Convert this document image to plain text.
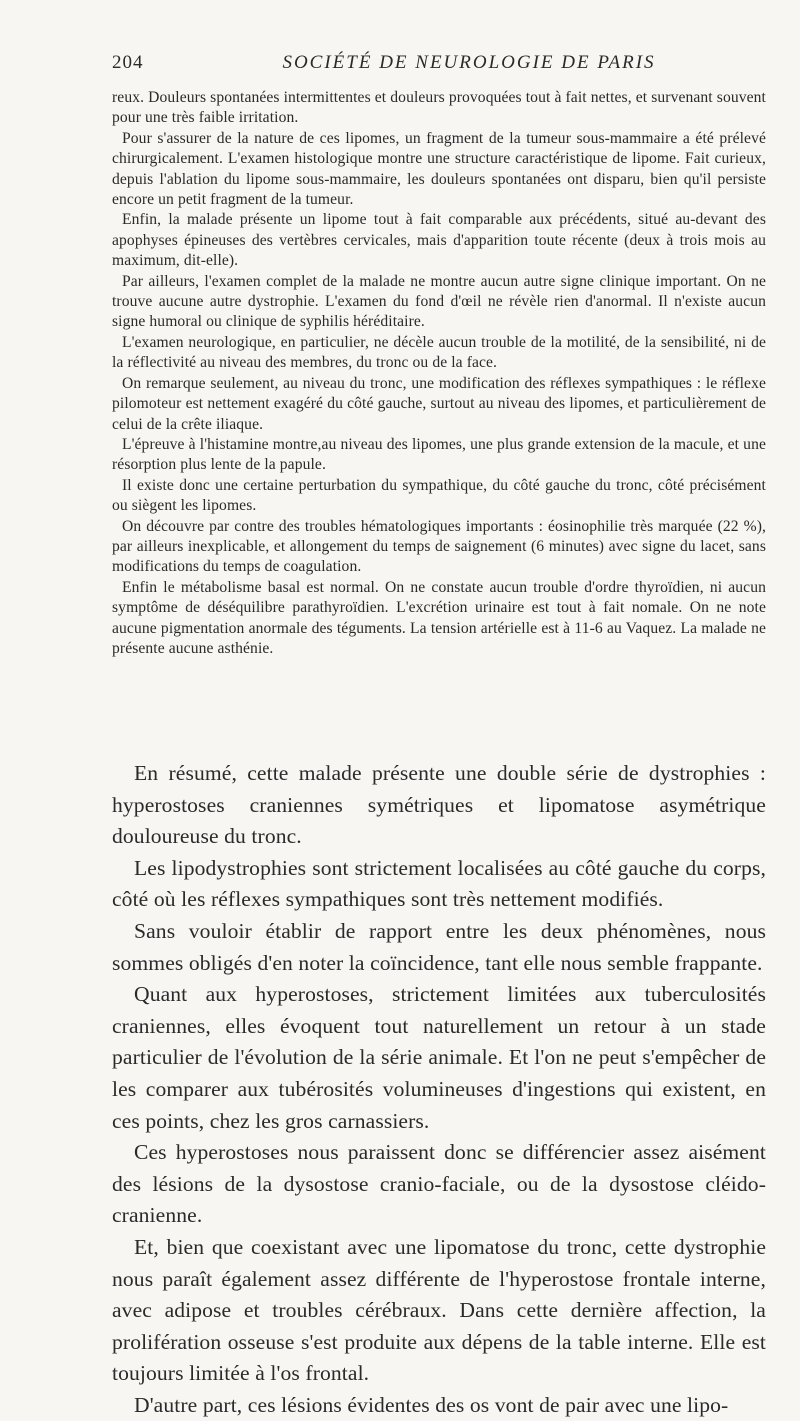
204	SOCIÉTÉ DE NEUROLOGIE DE PARIS

reux. Douleurs spontanées intermittentes et douleurs provoquées tout à fait nettes, et survenant souvent pour une très faible irritation.

Pour s'assurer de la nature de ces lipomes, un fragment de la tumeur sous-mammaire a été prélevé chirurgicalement. L'examen histologique montre une structure caractéristique de lipome. Fait curieux, depuis l'ablation du lipome sous-mammaire, les douleurs spontanées ont disparu, bien qu'il persiste encore un petit fragment de la tumeur.

Enfin, la malade présente un lipome tout à fait comparable aux précédents, situé au-devant des apophyses épineuses des vertèbres cervicales, mais d'apparition toute récente (deux à trois mois au maximum, dit-elle).

Par ailleurs, l'examen complet de la malade ne montre aucun autre signe clinique important. On ne trouve aucune autre dystrophie. L'examen du fond d'œil ne révèle rien d'anormal. Il n'existe aucun signe humoral ou clinique de syphilis héréditaire.

L'examen neurologique, en particulier, ne décèle aucun trouble de la motilité, de la sensibilité, ni de la réflectivité au niveau des membres, du tronc ou de la face.

On remarque seulement, au niveau du tronc, une modification des réflexes sympathiques : le réflexe pilomoteur est nettement exagéré du côté gauche, surtout au niveau des lipomes, et particulièrement de celui de la crête iliaque.

L'épreuve à l'histamine montre,au niveau des lipomes, une plus grande extension de la macule, et une résorption plus lente de la papule.

Il existe donc une certaine perturbation du sympathique, du côté gauche du tronc, côté précisément ou siègent les lipomes.

On découvre par contre des troubles hématologiques importants : éosinophilie très marquée (22 %), par ailleurs inexplicable, et allongement du temps de saignement (6 minutes) avec signe du lacet, sans modifications du temps de coagulation.

Enfin le métabolisme basal est normal. On ne constate aucun trouble d'ordre thyroïdien, ni aucun symptôme de déséquilibre parathyroïdien. L'excrétion urinaire est tout à fait nomale. On ne note aucune pigmentation anormale des téguments. La tension artérielle est à 11-6 au Vaquez. La malade ne présente aucune asthénie.

En résumé, cette malade présente une double série de dystrophies : hyperostoses craniennes symétriques et lipomatose asymétrique douloureuse du tronc.

Les lipodystrophies sont strictement localisées au côté gauche du corps, côté où les réflexes sympathiques sont très nettement modifiés.

Sans vouloir établir de rapport entre les deux phénomènes, nous sommes obligés d'en noter la coïncidence, tant elle nous semble frappante.

Quant aux hyperostoses, strictement limitées aux tuberculosités craniennes, elles évoquent tout naturellement un retour à un stade particulier de l'évolution de la série animale. Et l'on ne peut s'empêcher de les comparer aux tubérosités volumineuses d'ingestions qui existent, en ces points, chez les gros carnassiers.

Ces hyperostoses nous paraissent donc se différencier assez aisément des lésions de la dysostose cranio-faciale, ou de la dysostose cléido-cranienne.

Et, bien que coexistant avec une lipomatose du tronc, cette dystrophie nous paraît également assez différente de l'hyperostose frontale interne, avec adipose et troubles cérébraux. Dans cette dernière affection, la prolifération osseuse s'est produite aux dépens de la table interne. Elle est toujours limitée à l'os frontal.

D'autre part, ces lésions évidentes des os vont de pair avec une lipo-
